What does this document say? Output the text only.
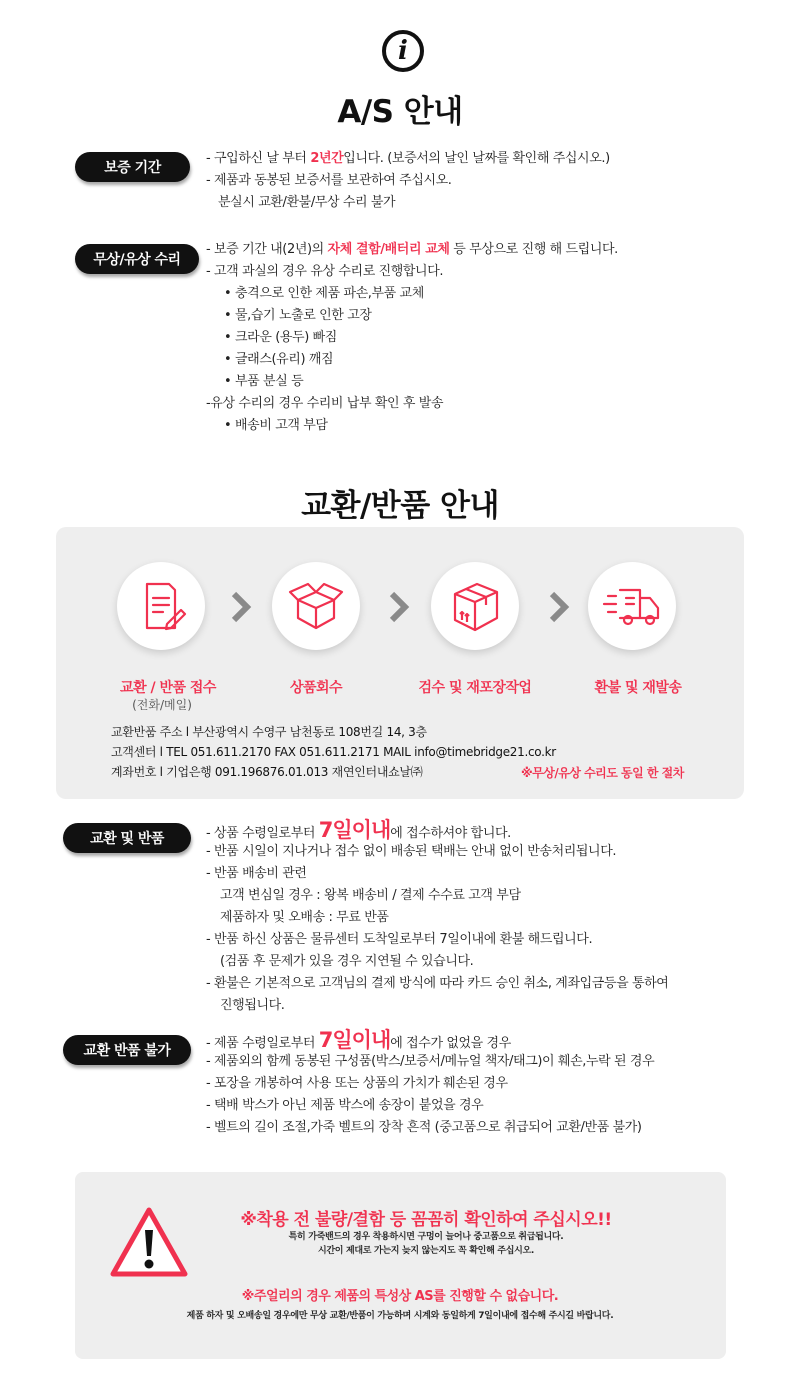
i
A/S 안내
보증 기간
- 구입하신 날 부터 2년간입니다. (보증서의 날인 날짜를 확인해 주십시오.)
- 제품과 동봉된 보증서를 보관하여 주십시오.
분실시 교환/환불/무상 수리 불가
무상/유상 수리
- 보증 기간 내(2년)의 자체 결함/배터리 교체 등 무상으로 진행 해 드립니다.
- 고객 과실의 경우 유상 수리로 진행합니다.
• 충격으로 인한 제품 파손,부품 교체
• 물,습기 노출로 인한 고장
• 크라운 (용두) 빠짐
• 글래스(유리) 깨짐
• 부품 분실 등
-유상 수리의 경우 수리비 납부 확인 후 발송
• 배송비 고객 부담
교환/반품 안내
교환 / 반품 접수
(전화/메일)
상품회수	검수 및 재포장작업	환불 및 재발송
교환반품 주소 l 부산광역시 수영구 남천동로 108번길 14, 3층
고객센터 l TEL 051.611.2170 FAX 051.611.2171 MAIL info@timebridge21.co.kr
계좌번호 l 기업은행 091.196876.01.013 재연인터내쇼날㈜	※무상/유상 수리도 동일 한 절차
교환 및 반품	- 상품 수령일로부터 7일이내에 접수하셔야 합니다.
- 반품 시일이 지나거나 접수 없이 배송된 택배는 안내 없이 반송처리됩니다.
- 반품 배송비 관련
고객 변심일 경우 : 왕복 배송비 / 결제 수수료 고객 부담
제품하자 및 오배송 : 무료 반품
- 반품 하신 상품은 물류센터 도착일로부터 7일이내에 환불 해드립니다.
(검품 후 문제가 있을 경우 지연될 수 있습니다.
- 환불은 기본적으로 고객님의 결제 방식에 따라 카드 승인 취소, 계좌입금등을 통하여
진행됩니다.
교환 반품 불가	- 제품 수령일로부터 7일이내에 접수가 없었을 경우
- 제품외의 함께 동봉된 구성품(박스/보증서/메뉴얼 책자/태그)이 훼손,누락 된 경우
- 포장을 개봉하여 사용 또는 상품의 가치가 훼손된 경우
- 택배 박스가 아닌 제품 박스에 송장이 붙었을 경우
- 벨트의 길이 조절,가죽 벨트의 장착 흔적 (중고품으로 취급되어 교환/반품 불가)
※착용 전 불량/결함 등 꼼꼼히 확인하여 주십시오!!
특히 가죽밴드의 경우 착용하시면 구멍이 늘어나 중고품으로 취급됩니다.
시간이 제대로 가는지 늦지 않는지도 꼭 확인해 주십시오.
※주얼리의 경우 제품의 특성상 AS를 진행할 수 없습니다.
제품 하자 및 오배송일 경우에만 무상 교환/반품이 가능하며 시계와 동일하게 7일이내에 접수해 주시길 바랍니다.
